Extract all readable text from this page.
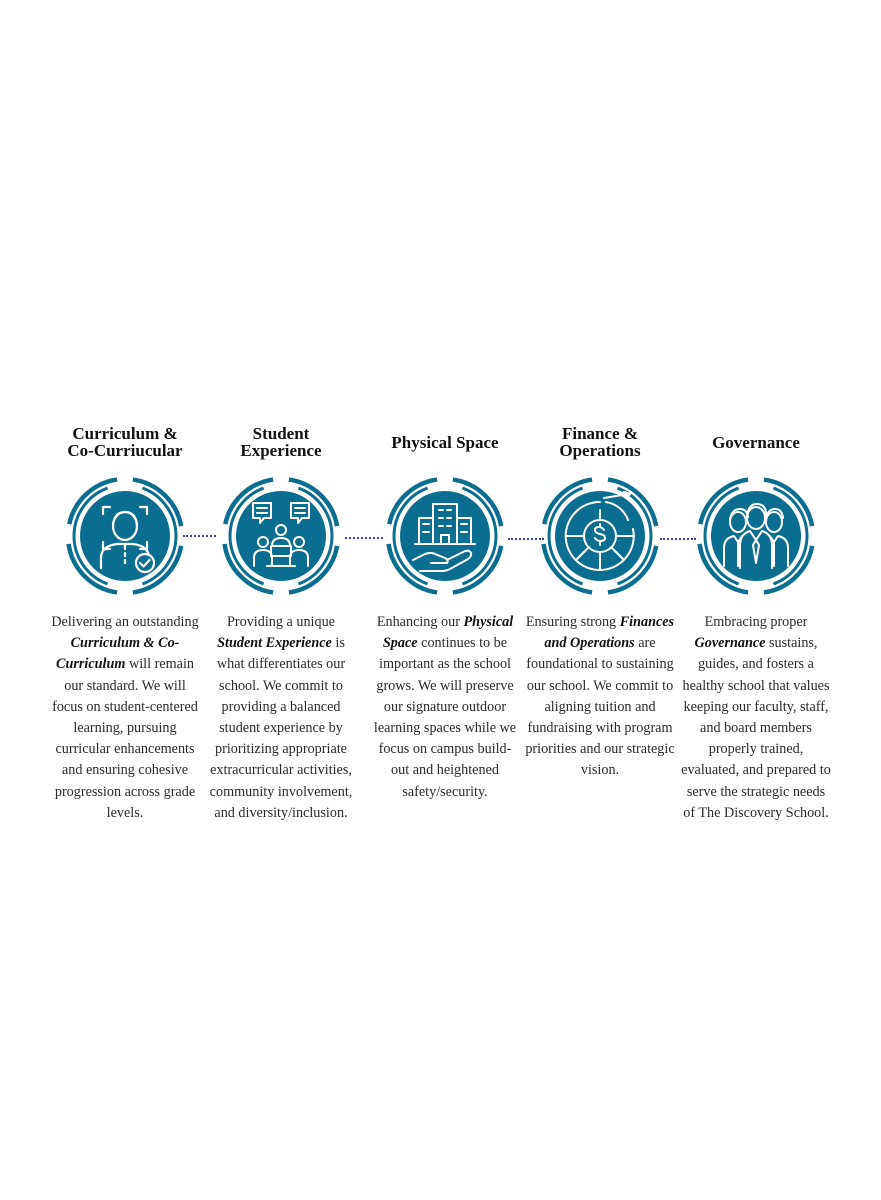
Curriculum &
Co-Curriucular
Delivering an outstanding Curriculum & Co-Curriculum will remain our standard. We will focus on student-centered learning, pursuing curricular enhancements and ensuring cohesive progression across grade levels.
Student
Experience
Providing a unique Student Experience is what differentiates our school. We commit to providing a balanced student experience by prioritizing appropriate extracurricular activities, community involvement, and diversity/inclusion.
Physical Space
Enhancing our Physical Space continues to be important as the school grows. We will preserve our signature outdoor learning spaces while we focus on campus build-out and heightened safety/security.
Finance &
Operations
Ensuring strong Finances and Operations are foundational to sustaining our school. We commit to aligning tuition and fundraising with program priorities and our strategic vision.
Governance
Embracing proper Governance sustains, guides, and fosters a healthy school that values keeping our faculty, staff, and board members properly trained, evaluated, and prepared to serve the strategic needs of The Discovery School.
